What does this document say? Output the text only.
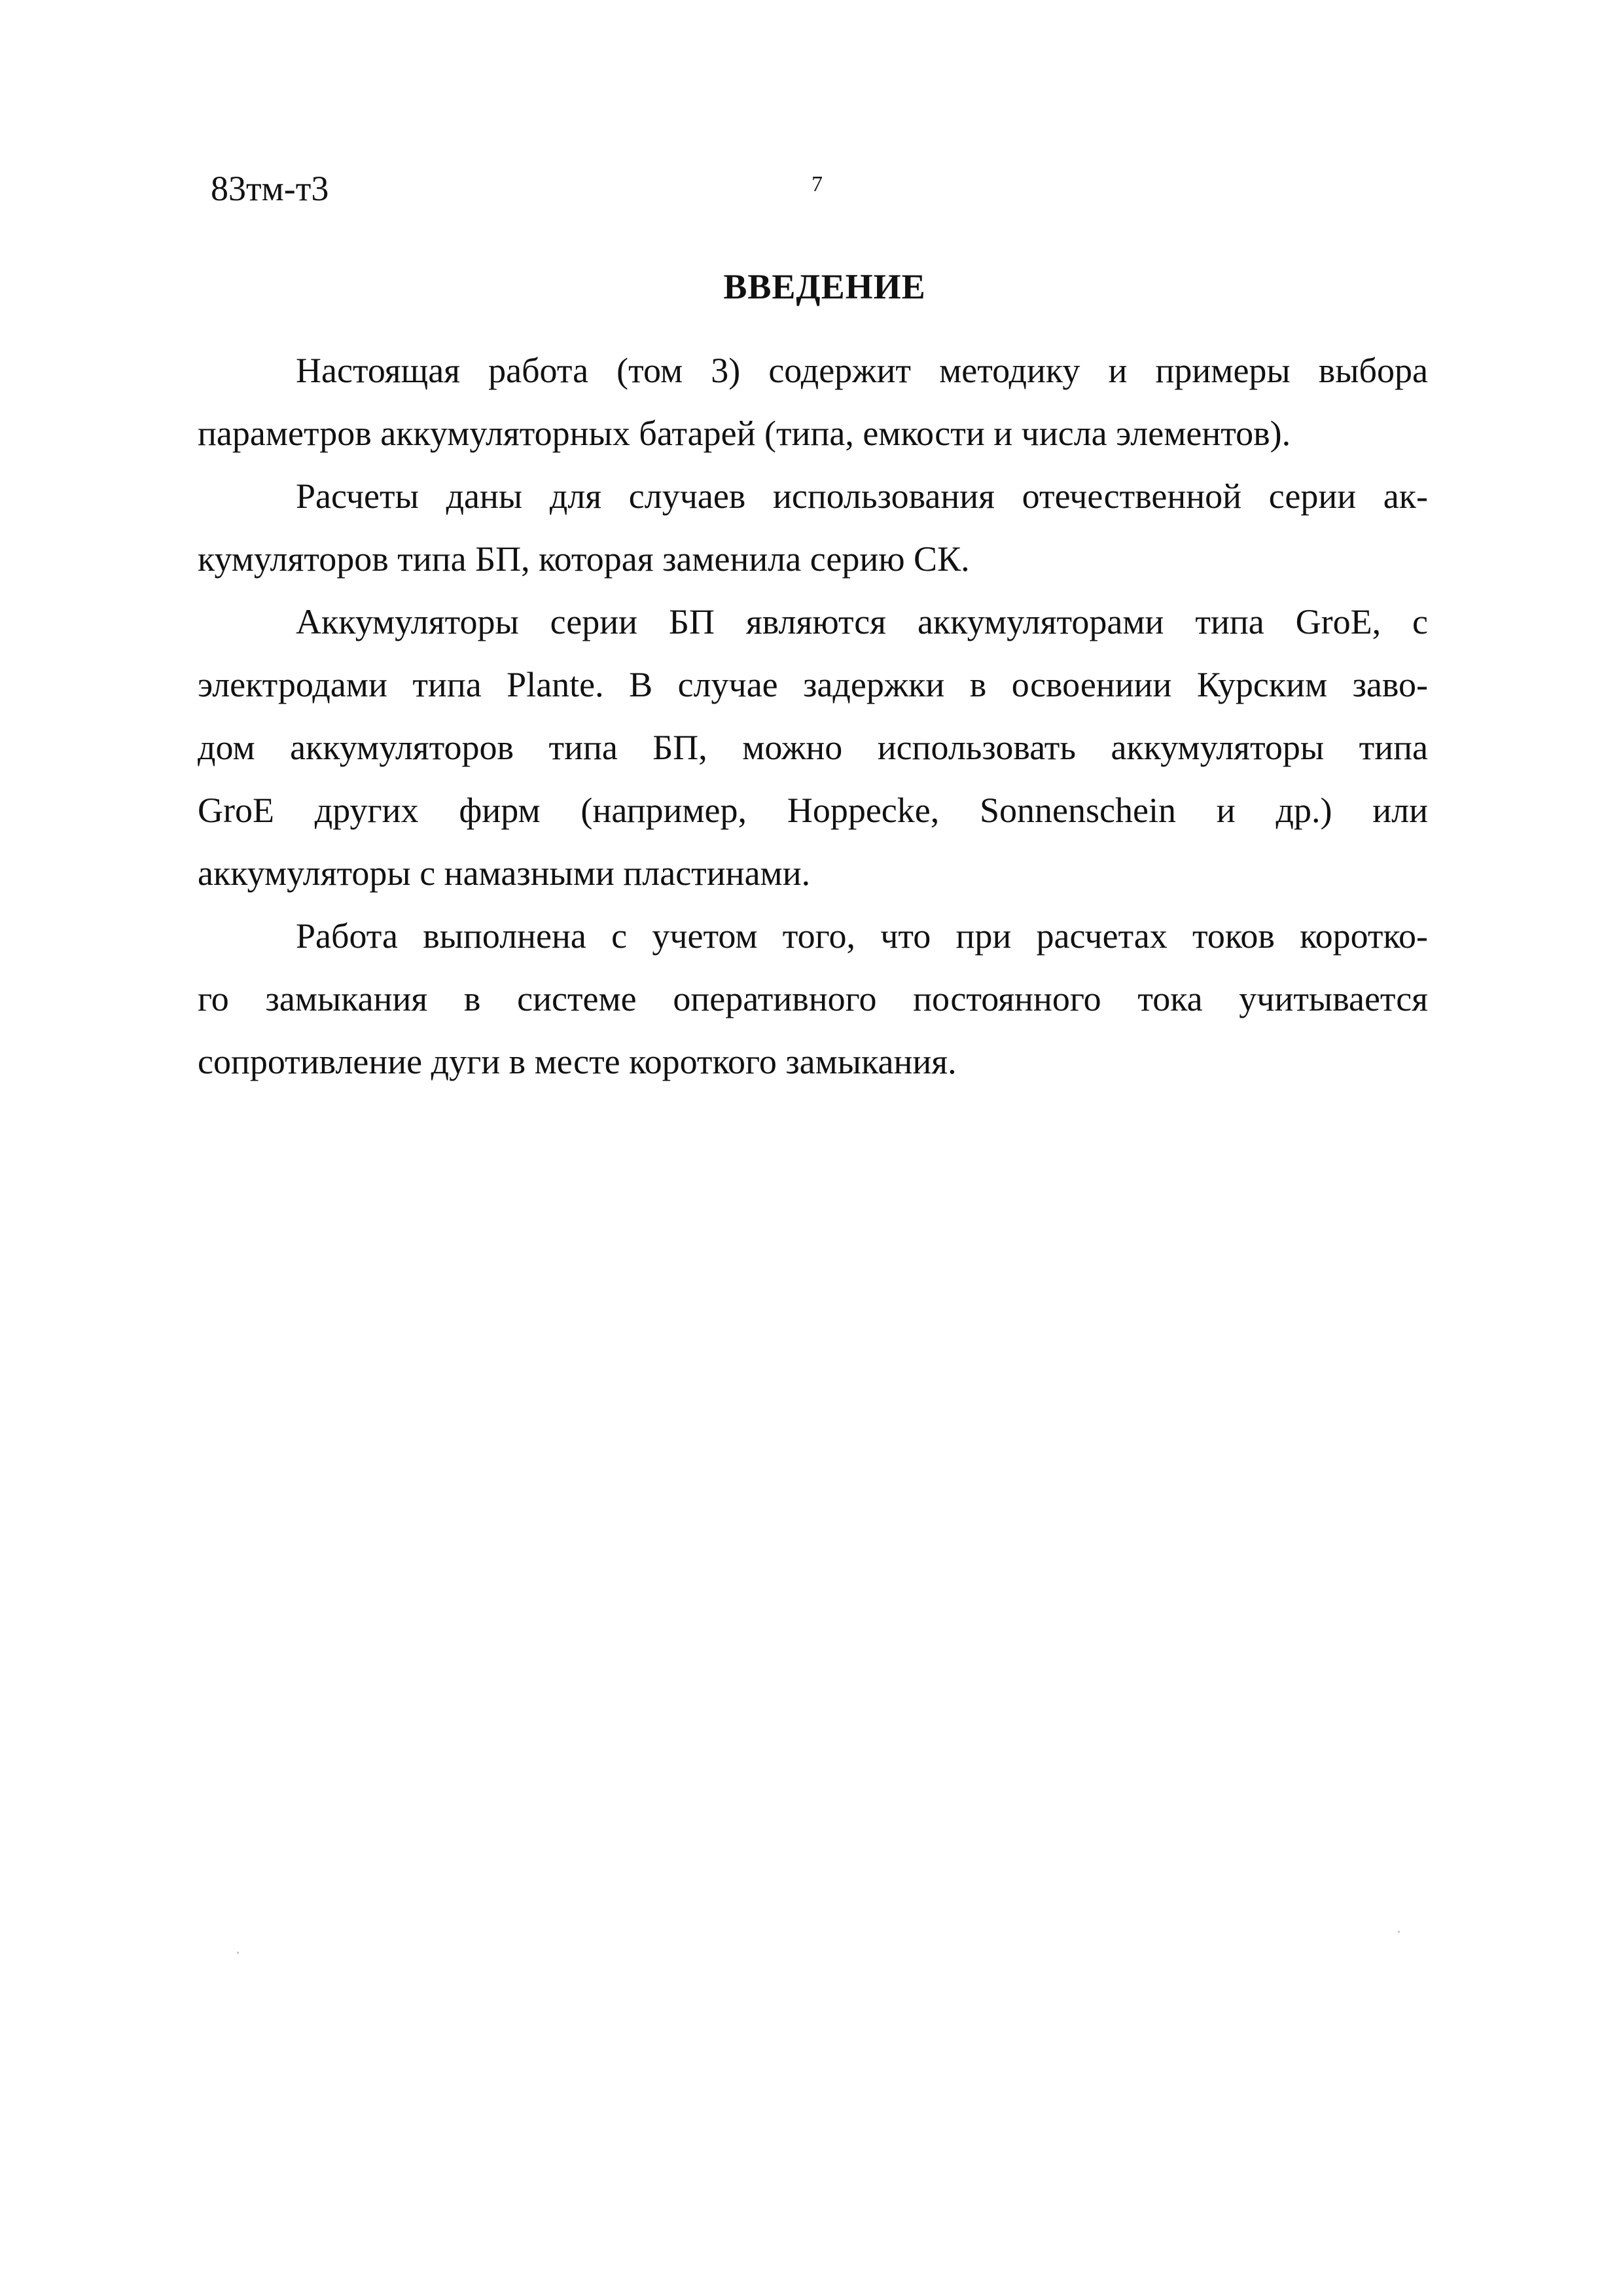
83тм-т3	7
ВВЕДЕНИЕ

Настоящая работа (том 3) содержит методику и примеры выбора
параметров аккумуляторных батарей (типа, емкости и числа элементов).

Расчеты даны для случаев использования отечественной серии ак-
кумуляторов типа БП, которая заменила серию СК.

Аккумуляторы серии БП являются аккумуляторами типа GroE, с
электродами типа Plante. В случае задержки в освоениии Курским заво-
дом аккумуляторов типа БП, можно использовать аккумуляторы типа
GroE других фирм (например, Hoppecke, Sonnenschein и др.) или
аккумуляторы с намазными пластинами.

Работа выполнена с учетом того, что при расчетах токов коротко-
го замыкания в системе оперативного постоянного тока учитывается
сопротивление дуги в месте короткого замыкания.
